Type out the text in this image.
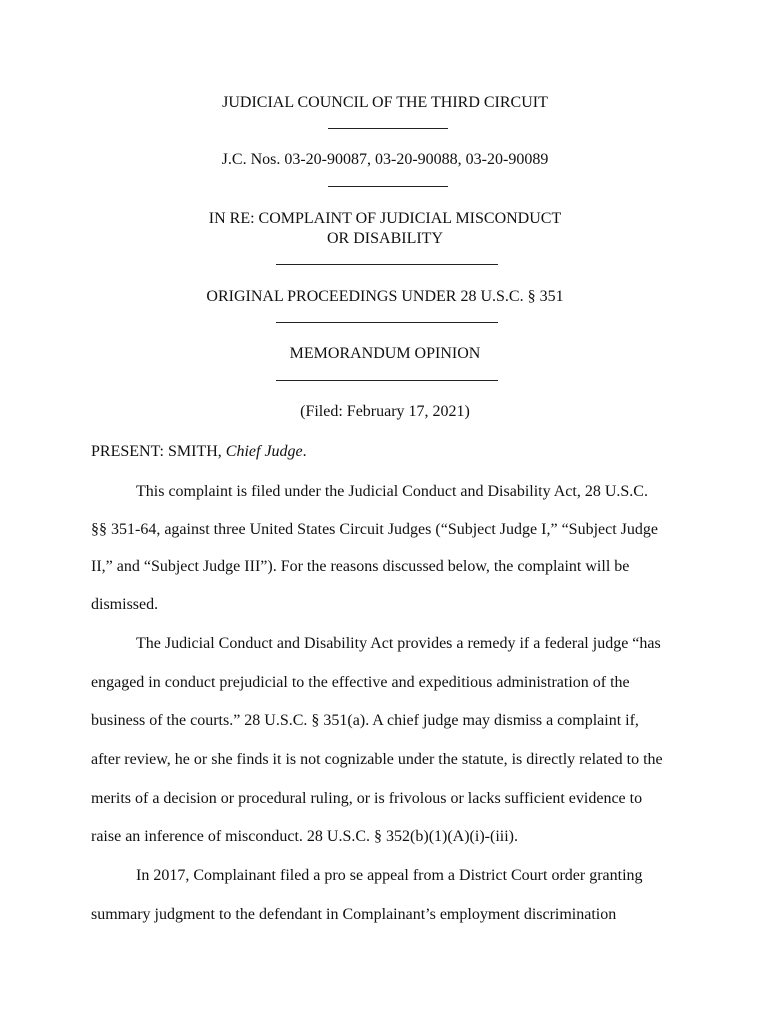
JUDICIAL COUNCIL OF THE THIRD CIRCUIT
J.C. Nos. 03-20-90087, 03-20-90088, 03-20-90089
IN RE: COMPLAINT OF JUDICIAL MISCONDUCT
OR DISABILITY
ORIGINAL PROCEEDINGS UNDER 28 U.S.C. § 351
MEMORANDUM OPINION
(Filed: February 17, 2021)
PRESENT: SMITH, Chief Judge.
This complaint is filed under the Judicial Conduct and Disability Act, 28 U.S.C.
§§ 351-64, against three United States Circuit Judges (“Subject Judge I,” “Subject Judge
II,” and “Subject Judge III”). For the reasons discussed below, the complaint will be
dismissed.
The Judicial Conduct and Disability Act provides a remedy if a federal judge “has
engaged in conduct prejudicial to the effective and expeditious administration of the
business of the courts.” 28 U.S.C. § 351(a). A chief judge may dismiss a complaint if,
after review, he or she finds it is not cognizable under the statute, is directly related to the
merits of a decision or procedural ruling, or is frivolous or lacks sufficient evidence to
raise an inference of misconduct. 28 U.S.C. § 352(b)(1)(A)(i)-(iii).
In 2017, Complainant filed a pro se appeal from a District Court order granting
summary judgment to the defendant in Complainant’s employment discrimination
